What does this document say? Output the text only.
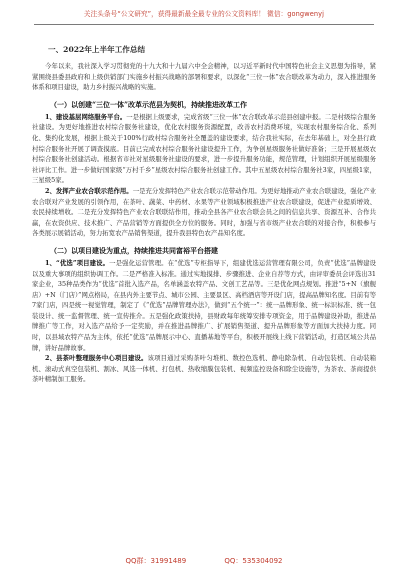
关注头条号“公文研究”，获得最新最全最专业的公文资料库！ 微信：gongwenyj
一、2022年上半年工作总结

今年以来，我社深入学习贯彻党的十九大和十九届六中全会精神，以习近平新时代中国特色社会主义思想为指导，紧紧围绕县委县政府和上级供销部门实施乡村振兴战略的部署和要求，以深化“三位一体”农合联改革为动力，深入推进服务体系和项目建设，助力乡村振兴战略的实施。

（一）以创建“三位一体”改革示范县为契机，持续推进改革工作

1、建设基层网络服务平台。一是根据上级要求，完成省级“三位一体”农合联改革示范县创建申报。二是村级综合服务社建设。为更好地推进农村综合服务社建设，优化农村服务资源配置，改善农村消费环境，实现农村服务综合化、系列化、集约化发展，根据上级关于100%行政村综合服务社全覆盖的建设要求，结合我社实际，在去年基础上，对全县行政村综合服务社开展了调查摸底。目前已完成农村综合服务社建设提升工作，为争创星级服务社做好准备；三是开展星级农村综合服务社创建活动。根据省市社对星级服务社建设的要求，进一步提升服务功能，规范管理，计划组织开展星级服务社评比工作。进一步做好国家级“万村千乡”星级农村综合服务社创建工作。其中五星级农村综合服务社3家，四星级1家，三星级5家。

2、发挥产业农合联示范作用。一是充分发挥特色产业农合联示范带动作用。为更好地推动产业农合联建设，强化产业农合联对产业发展的引领作用，在茶叶、蔬菜、中药材、水果等产业领域积极推进产业农合联建设，促进产业提质增效、农民持续增收。二是充分发挥特色产业农合联联结作用，推动全县各产业农合联会员之间的信息共享、资源互补、合作共赢，在农资供应、技术推广、产品营销等方面提供全方位的服务。同时，加强与省市级产业农合联的对接合作，积极参与各类展示展销活动，努力拓宽农产品销售渠道，提升我县特色农产品知名度。

（二）以项目建设为重点，持续推进共同富裕平台搭建

1、“优选”项目建设。一是强化运营管理。在“优选”专柜指导下，组建优选运营管理有限公司，负责“优选”品牌建设以及重大事项的组织协调工作。二是严格准入标准。通过实地摸排、步骤推进、企业自荐等方式，由评审委员会评选出31家企业，35种品类作为“优选”首批入选产品，名单涵盖农特产品、文创工艺品等。三是优化网点规划。推进“5+N（旗舰店）+N（门店）”网点格局，在县内外主要节点、城市公园、主要景区、高档酒店等开设门店，提高品牌知名度。目前有等7家门店，四是统一视觉管理，制定了《“优选”品牌管理办法》，做到“五个统一”：统一品牌形象、统一标识标准、统一包装设计、统一监督管理、统一宣传推介。五是强化政策扶持，县财政每年统筹安排专项资金，用于品牌建设补助，推进品牌推广等工作，对入选产品给予一定奖励，并在推进品牌推广、扩展销售渠道、提升品牌形象等方面加大扶持力度。同时，以县域农特产品为主体，依托“优选”品牌展示中心、直播基地等平台，积极开展线上线下营销活动，打造区域公共品牌，讲好品牌故事。

2、县茶叶整理服务中心项目建设。该项目通过采购茶叶匀堆机、数控色选机、静电除杂机、自动包装机、自动装箱机、滚动式真空包装机、割冰、风选一体机、打包机、热收缩膜包装机、视频监控设备和除尘设施等，为茶农、茶商提供茶叶精制加工服务。

QQ群：31991489	QQ：535304092
